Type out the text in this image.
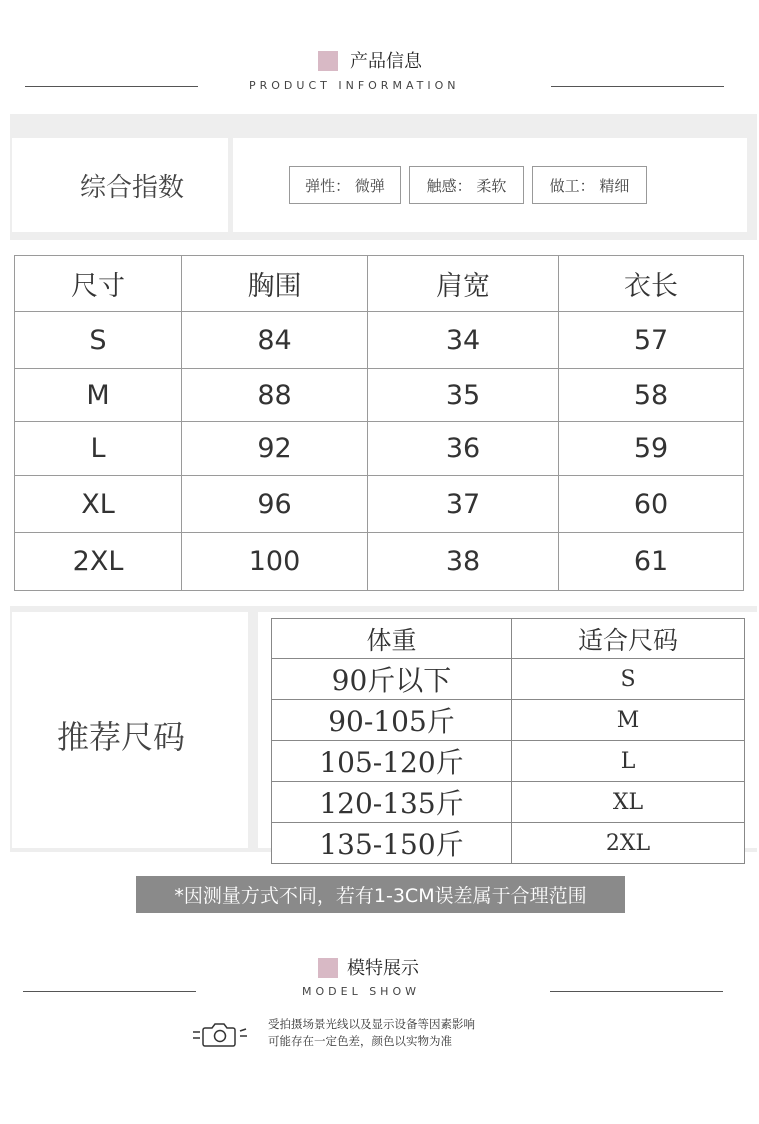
产品信息
PRODUCT INFORMATION
综合指数	弹性： 微弹	触感： 柔软	做工： 精细
尺寸	胸围	肩宽	衣长
S	84	34	57
M	88	35	58
L	92	36	59
XL	96	37	60
2XL	100	38	61
推荐尺码
体重	适合尺码
90斤以下	S
90-105斤	M
105-120斤	L
120-135斤	XL
135-150斤	2XL
*因测量方式不同，若有1-3CM误差属于合理范围
模特展示
MODEL SHOW
受拍摄场景光线以及显示设备等因素影响
可能存在一定色差，颜色以实物为准
